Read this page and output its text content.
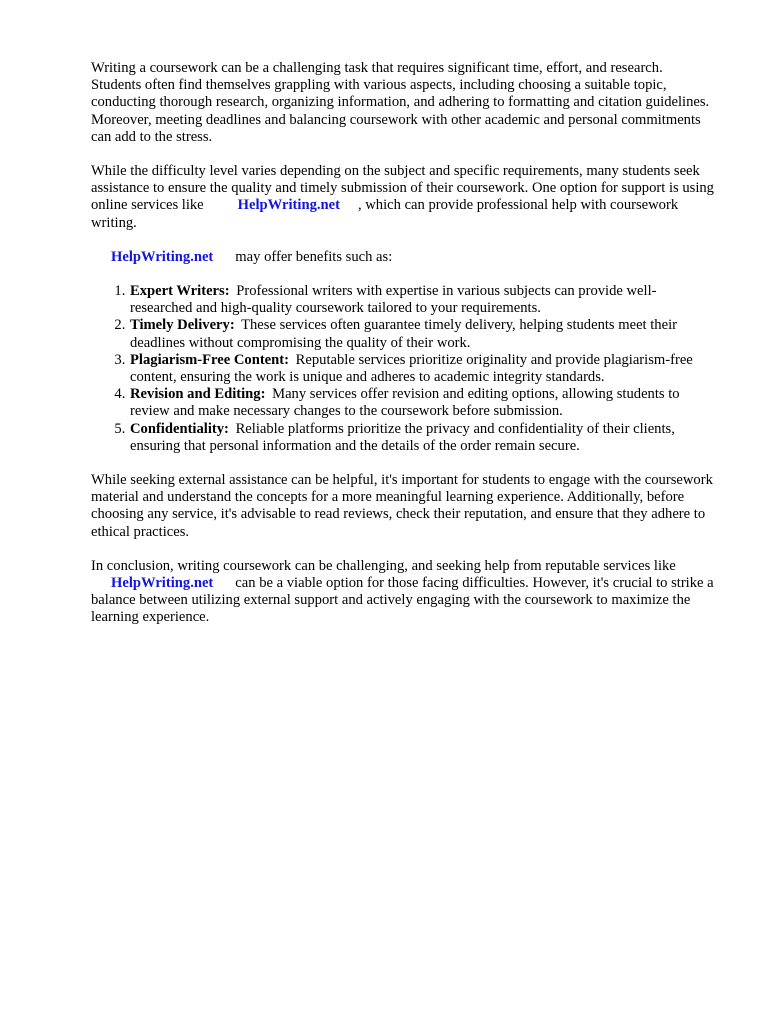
Writing a coursework can be a challenging task that requires significant time, effort, and research. Students often find themselves grappling with various aspects, including choosing a suitable topic, conducting thorough research, organizing information, and adhering to formatting and citation guidelines. Moreover, meeting deadlines and balancing coursework with other academic and personal commitments can add to the stress.

While the difficulty level varies depending on the subject and specific requirements, many students seek assistance to ensure the quality and timely submission of their coursework. One option for support is using online services like HelpWriting.net , which can provide professional help with coursework writing.

HelpWriting.net may offer benefits such as:

1. Expert Writers: Professional writers with expertise in various subjects can provide well-researched and high-quality coursework tailored to your requirements.
2. Timely Delivery: These services often guarantee timely delivery, helping students meet their deadlines without compromising the quality of their work.
3. Plagiarism-Free Content: Reputable services prioritize originality and provide plagiarism-free content, ensuring the work is unique and adheres to academic integrity standards.
4. Revision and Editing: Many services offer revision and editing options, allowing students to review and make necessary changes to the coursework before submission.
5. Confidentiality: Reliable platforms prioritize the privacy and confidentiality of their clients, ensuring that personal information and the details of the order remain secure.

While seeking external assistance can be helpful, it's important for students to engage with the coursework material and understand the concepts for a more meaningful learning experience. Additionally, before choosing any service, it's advisable to read reviews, check their reputation, and ensure that they adhere to ethical practices.

In conclusion, writing coursework can be challenging, and seeking help from reputable services like
HelpWriting.net can be a viable option for those facing difficulties. However, it's crucial to strike a balance between utilizing external support and actively engaging with the coursework to maximize the learning experience.
